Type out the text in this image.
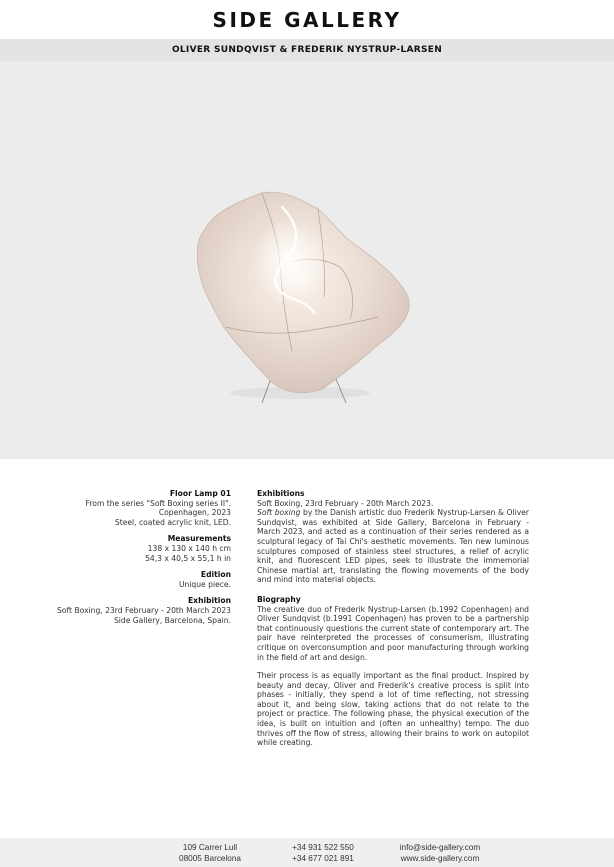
SIDE GALLERY
OLIVER SUNDQVIST & FREDERIK NYSTRUP-LARSEN
Floor Lamp 01
From the series "Soft Boxing series II".
Copenhagen, 2023
Steel, coated acrylic knit, LED.
Measurements
138 x 130 x 140 h cm
54,3 x 40,5 x 55,1 h in
Edition
Unique piece.
Exhibition
Soft Boxing, 23rd February - 20th March 2023
Side Gallery, Barcelona, Spain.
Exhibitions

Soft Boxing, 23rd February - 20th March 2023.

Soft boxing by the Danish artistic duo Frederik Nystrup-Larsen & Oliver Sundqvist, was exhibited at Side Gallery, Barcelona in February - March 2023, and acted as a continuation of their series rendered as a sculptural legacy of Tai Chi's aesthetic movements. Ten new luminous sculptures composed of stainless steel structures, a relief of acrylic knit, and fluorescent LED pipes, seek to illustrate the immemorial Chinese martial art, translating the flowing movements of the body and mind into material objects.

Biography

The creative duo of Frederik Nystrup-Larsen (b.1992 Copenhagen) and Oliver Sundqvist (b.1991 Copenhagen) has proven to be a partnership that continuously questions the current state of contemporary art. The pair have reinterpreted the processes of consumerism, illustrating critique on overconsumption and poor manufacturing through working in the field of art and design.

Their process is as equally important as the final product. Inspired by beauty and decay, Oliver and Frederik's creative process is split into phases - initially, they spend a lot of time reflecting, not stressing about it, and being slow, taking actions that do not relate to the project or practice. The following phase, the physical execution of the idea, is built on intuition and (often an unhealthy) tempo. The duo thrives off the flow of stress, allowing their brains to work on autopilot while creating.

109 Carrer Lull
08005 Barcelona
+34 931 522 550
+34 677 021 891
info@side-gallery.com
www.side-gallery.com
